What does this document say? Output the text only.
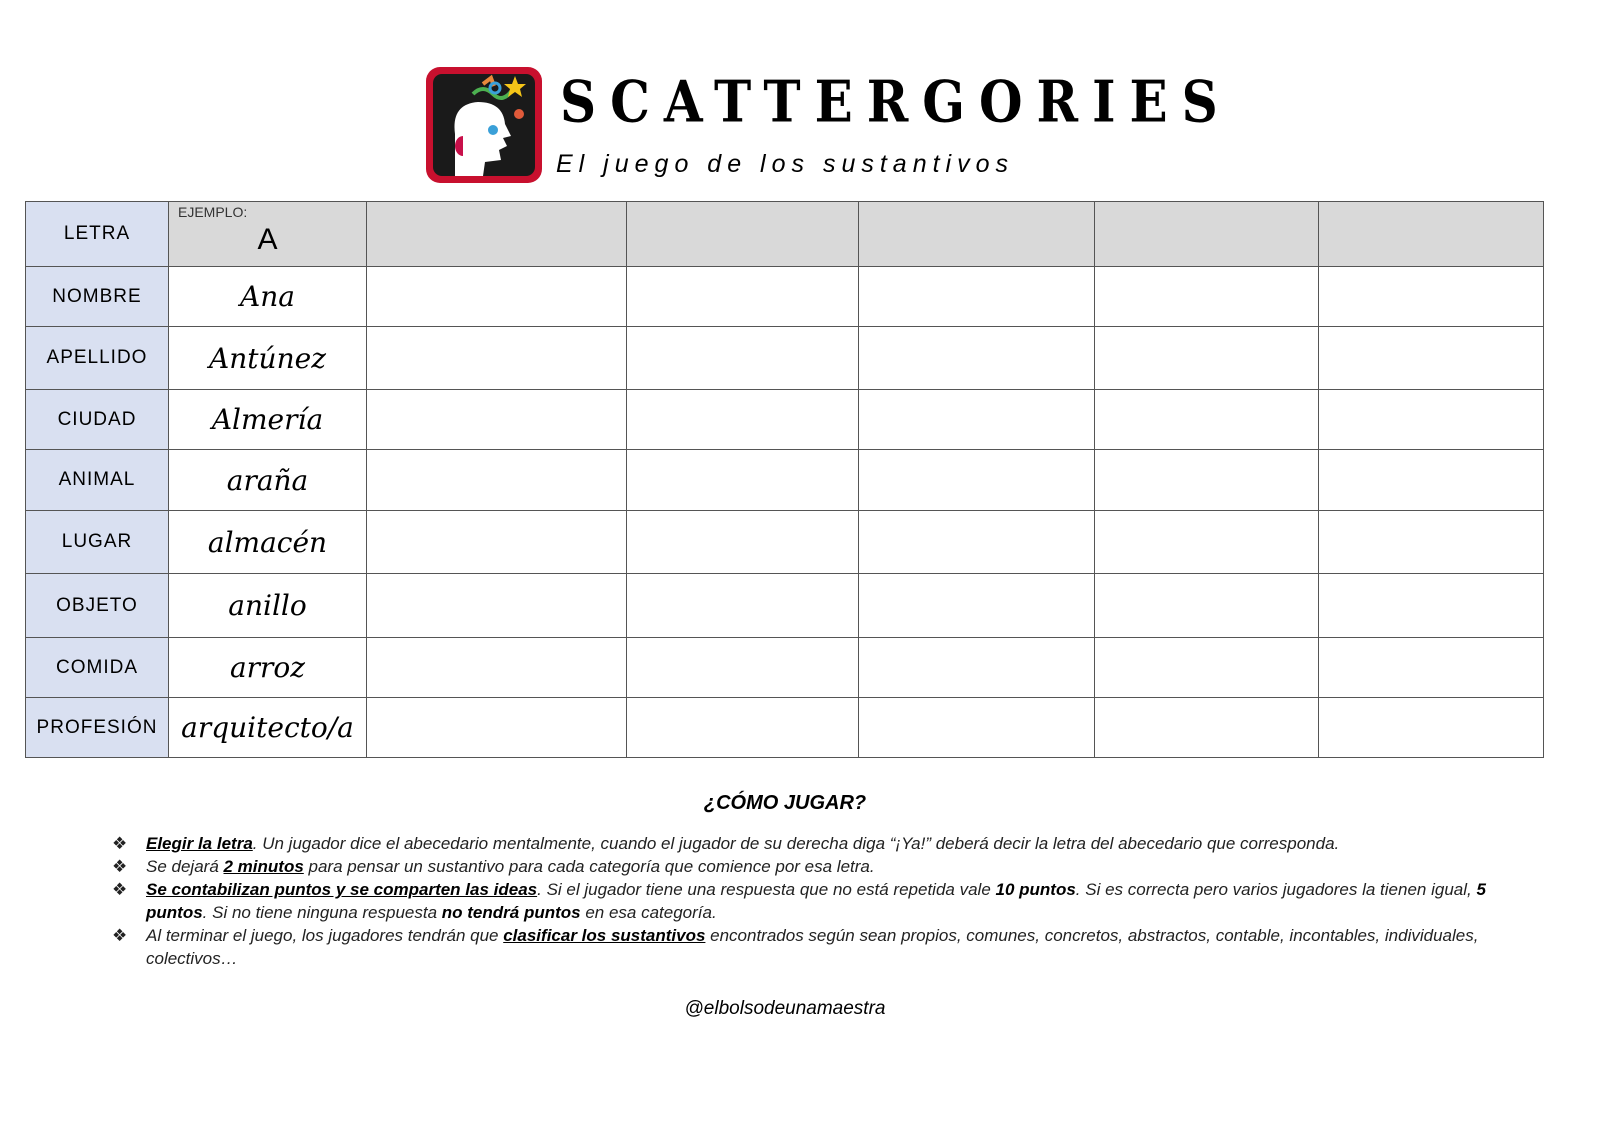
SCATTERGORIES
El juego de los sustantivos
LETRA	EJEMPLO:
A					

NOMBRE	Ana					
APELLIDO	Antúnez					
CIUDAD	Almería					
ANIMAL	araña					
LUGAR	almacén					
OBJETO	anillo					
COMIDA	arroz					
PROFESIÓN	arquitecto/a					
¿CÓMO JUGAR?
❖ Elegir la letra. Un jugador dice el abecedario mentalmente, cuando el jugador de su derecha diga “¡Ya!” deberá decir la letra del abecedario que corresponda.
❖ Se dejará 2 minutos para pensar un sustantivo para cada categoría que comience por esa letra.
❖ Se contabilizan puntos y se comparten las ideas. Si el jugador tiene una respuesta que no está repetida vale 10 puntos. Si es correcta pero varios jugadores la tienen igual, 5 puntos. Si no tiene ninguna respuesta no tendrá puntos en esa categoría.
❖ Al terminar el juego, los jugadores tendrán que clasificar los sustantivos encontrados según sean propios, comunes, concretos, abstractos, contable, incontables, individuales, colectivos…
@elbolsodeunamaestra
